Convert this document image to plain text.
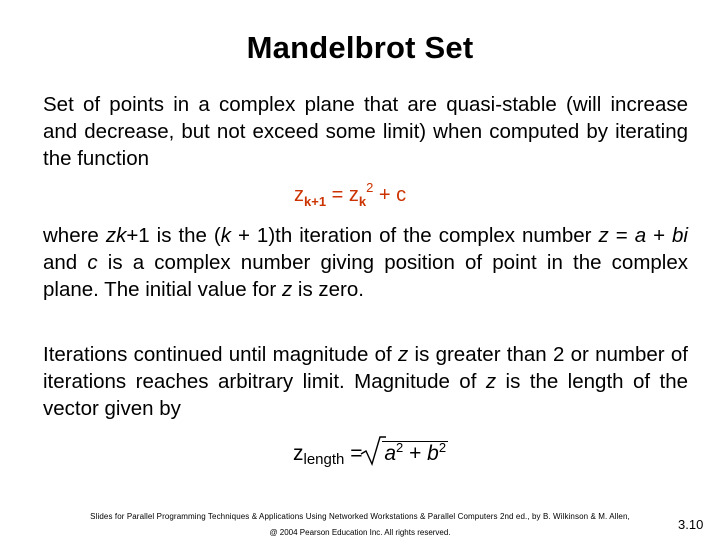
Mandelbrot Set
Set of points in a complex plane that are quasi-stable (will increase and decrease, but not exceed some limit) when computed by iterating the function
$z_{k+1} = z_k^2 + c$
where zk+1 is the (k + 1)th iteration of the complex number z = a + bi and c is a complex number giving position of point in the complex plane. The initial value for z is zero.
Iterations continued until magnitude of z is greater than 2 or number of iterations reaches arbitrary limit. Magnitude of z is the length of the vector given by
$z_{length}$ =
$a^2 + b^2$
Slides for Parallel Programming Techniques & Applications Using Networked Workstations & Parallel Computers 2nd ed., by B. Wilkinson & M. Allen,
@ 2004 Pearson Education Inc. All rights reserved.
3.10
